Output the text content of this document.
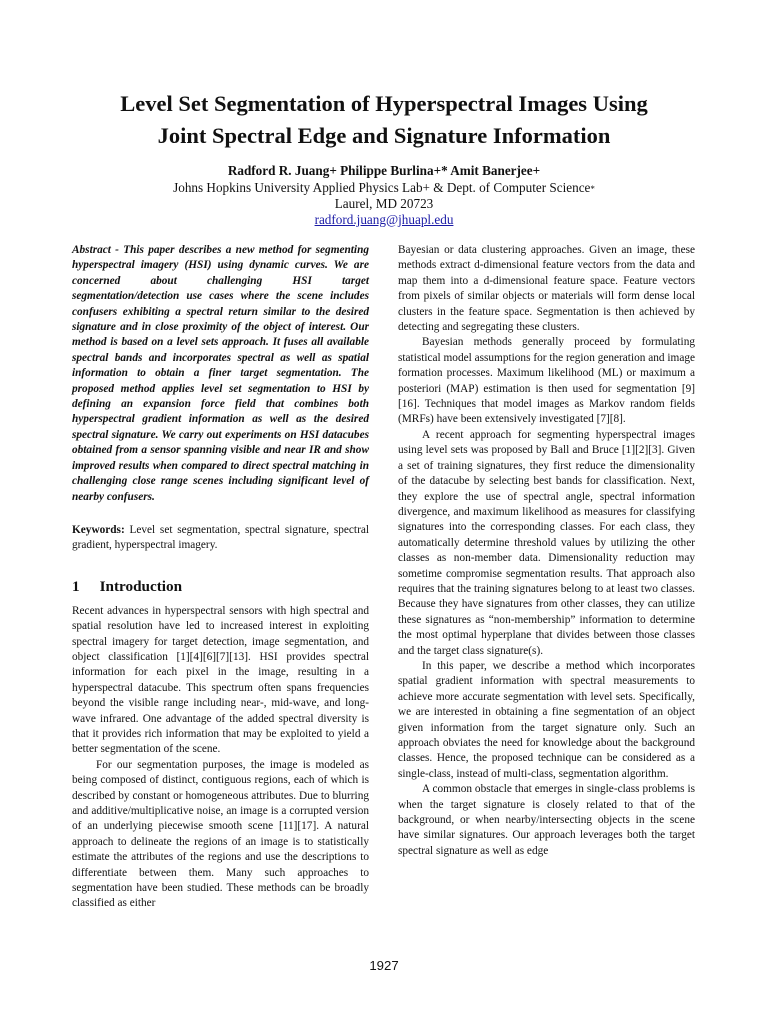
Level Set Segmentation of Hyperspectral Images Using
Joint Spectral Edge and Signature Information
Radford R. Juang+ Philippe Burlina+* Amit Banerjee+
Johns Hopkins University Applied Physics Lab+ & Dept. of Computer Science*
Laurel, MD 20723
radford.juang@jhuapl.edu

Abstract - This paper describes a new method for segmenting hyperspectral imagery (HSI) using dynamic curves. We are concerned about challenging HSI target segmentation/detection use cases where the scene includes confusers exhibiting a spectral return similar to the desired signature and in close proximity of the object of interest. Our method is based on a level sets approach. It fuses all available spectral bands and incorporates spectral as well as spatial information to obtain a finer target segmentation. The proposed method applies level set segmentation to HSI by defining an expansion force field that combines both hyperspectral gradient information as well as the desired spectral signature. We carry out experiments on HSI datacubes obtained from a sensor spanning visible and near IR and show improved results when compared to direct spectral matching in challenging close range scenes including significant level of nearby confusers.

Keywords: Level set segmentation, spectral signature, spectral gradient, hyperspectral imagery.

1 Introduction

Recent advances in hyperspectral sensors with high spectral and spatial resolution have led to increased interest in exploiting spectral imagery for target detection, image segmentation, and object classification [1][4][6][7][13]. HSI provides spectral information for each pixel in the image, resulting in a hyperspectral datacube. This spectrum often spans frequencies beyond the visible range including near-, mid-wave, and long-wave infrared. One advantage of the added spectral diversity is that it provides rich information that may be exploited to yield a better segmentation of the scene.

For our segmentation purposes, the image is modeled as being composed of distinct, contiguous regions, each of which is described by constant or homogeneous attributes. Due to blurring and additive/multiplicative noise, an image is a corrupted version of an underlying piecewise smooth scene [11][17]. A natural approach to delineate the regions of an image is to statistically estimate the attributes of the regions and use the descriptions to differentiate between them. Many such approaches to segmentation have been studied. These methods can be broadly classified as either

Bayesian or data clustering approaches. Given an image, these methods extract d-dimensional feature vectors from the data and map them into a d-dimensional feature space. Feature vectors from pixels of similar objects or materials will form dense local clusters in the feature space. Segmentation is then achieved by detecting and segregating these clusters.

Bayesian methods generally proceed by formulating statistical model assumptions for the region generation and image formation processes. Maximum likelihood (ML) or maximum a posteriori (MAP) estimation is then used for segmentation [9][16]. Techniques that model images as Markov random fields (MRFs) have been extensively investigated [7][8].

A recent approach for segmenting hyperspectral images using level sets was proposed by Ball and Bruce [1][2][3]. Given a set of training signatures, they first reduce the dimensionality of the datacube by selecting best bands for classification. Next, they explore the use of spectral angle, spectral information divergence, and maximum likelihood as measures for classifying signatures into the corresponding classes. For each class, they automatically determine threshold values by utilizing the other classes as non-member data. Dimensionality reduction may sometime compromise segmentation results. That approach also requires that the training signatures belong to at least two classes. Because they have signatures from other classes, they can utilize these signatures as “non-membership” information to determine the most optimal hyperplane that divides between those classes and the target class signature(s).

In this paper, we describe a method which incorporates spatial gradient information with spectral measurements to achieve more accurate segmentation with level sets. Specifically, we are interested in obtaining a fine segmentation of an object given information from the target signature only. Such an approach obviates the need for knowledge about the background classes. Hence, the proposed technique can be considered as a single-class, instead of multi-class, segmentation algorithm.

A common obstacle that emerges in single-class problems is when the target signature is closely related to that of the background, or when nearby/intersecting objects in the scene have similar signatures. Our approach leverages both the target spectral signature as well as edge

1927
